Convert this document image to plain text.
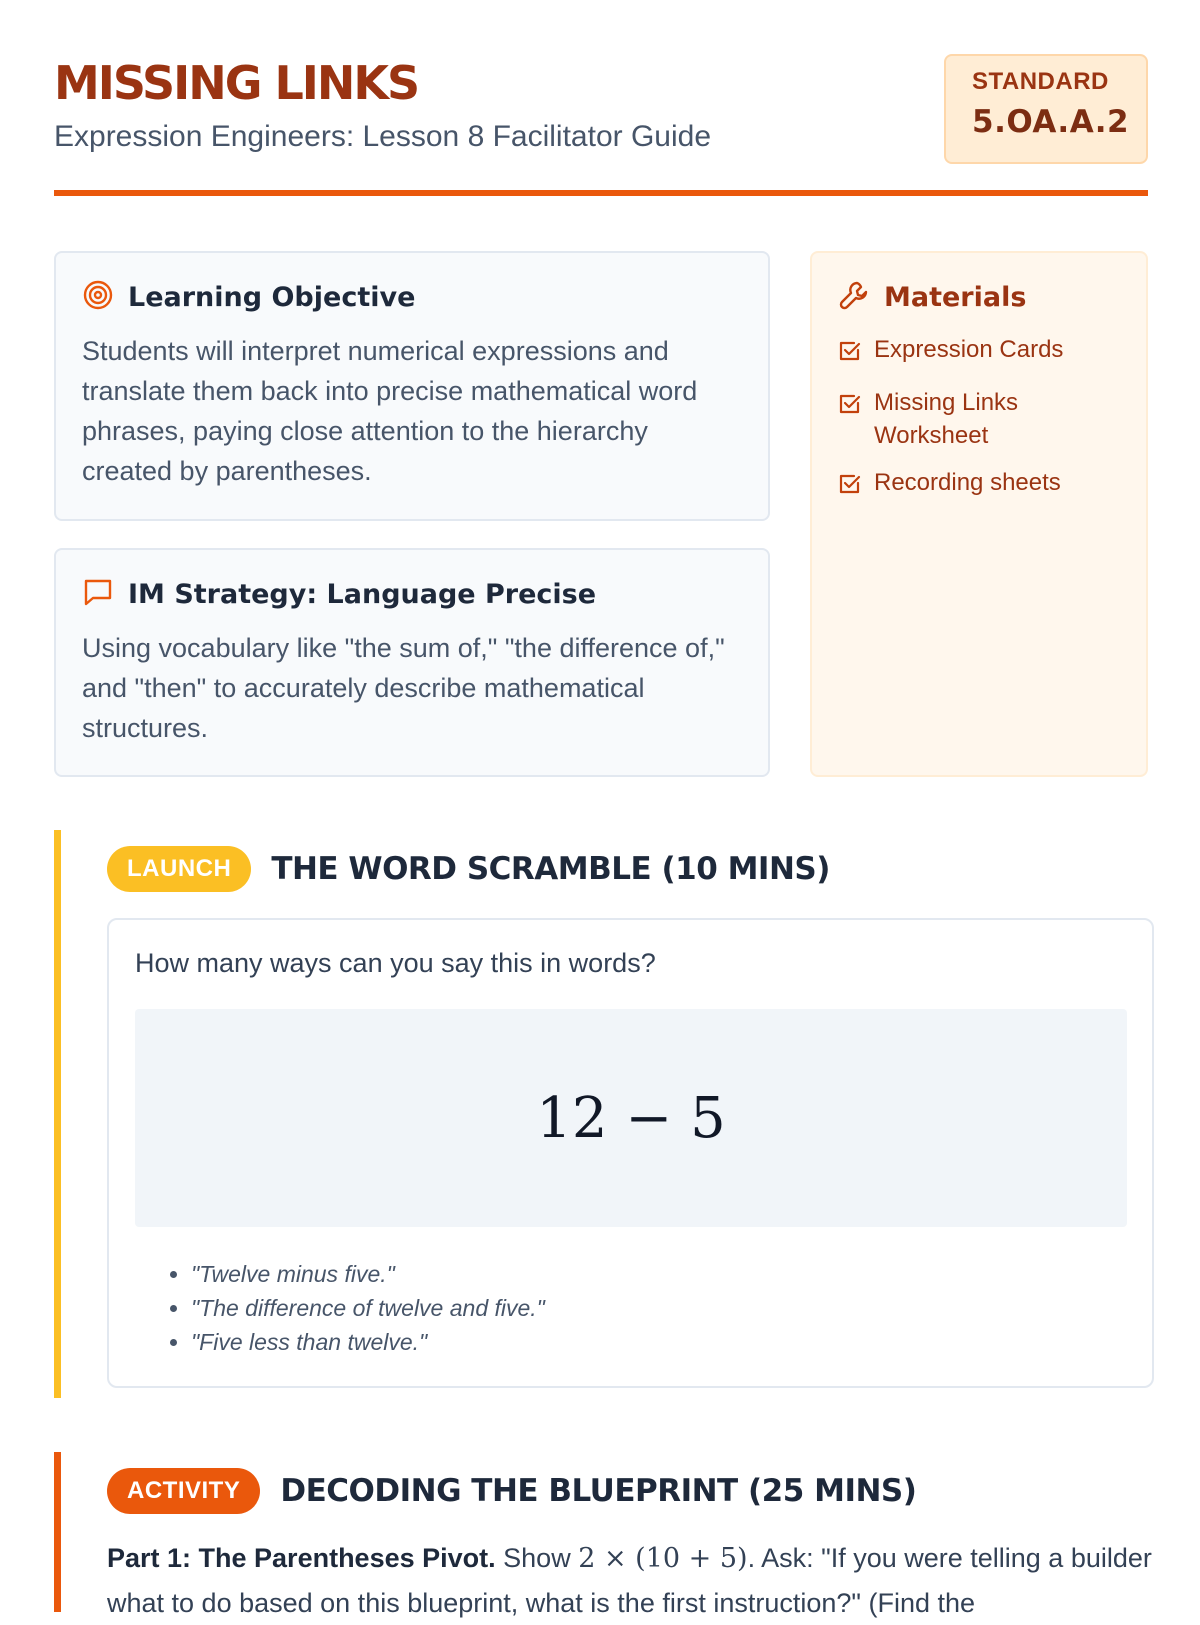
MISSING LINKS
Expression Engineers: Lesson 8 Facilitator Guide
STANDARD
5.OA.A.2
Learning Objective
Students will interpret numerical expressions and translate them back into precise mathematical word phrases, paying close attention to the hierarchy created by parentheses.
IM Strategy: Language Precise
Using vocabulary like "the sum of," "the difference of," and "then" to accurately describe mathematical structures.
Materials
Expression Cards
Missing Links Worksheet
Recording sheets
LAUNCH	THE WORD SCRAMBLE (10 MINS)
How many ways can you say this in words?
12 − 5
• "Twelve minus five."
• "The difference of twelve and five."
• "Five less than twelve."
ACTIVITY	DECODING THE BLUEPRINT (25 MINS)
Part 1: The Parentheses Pivot. Show 2 × (10 + 5). Ask: "If you were telling a builder what to do based on this blueprint, what is the first instruction?" (Find the
